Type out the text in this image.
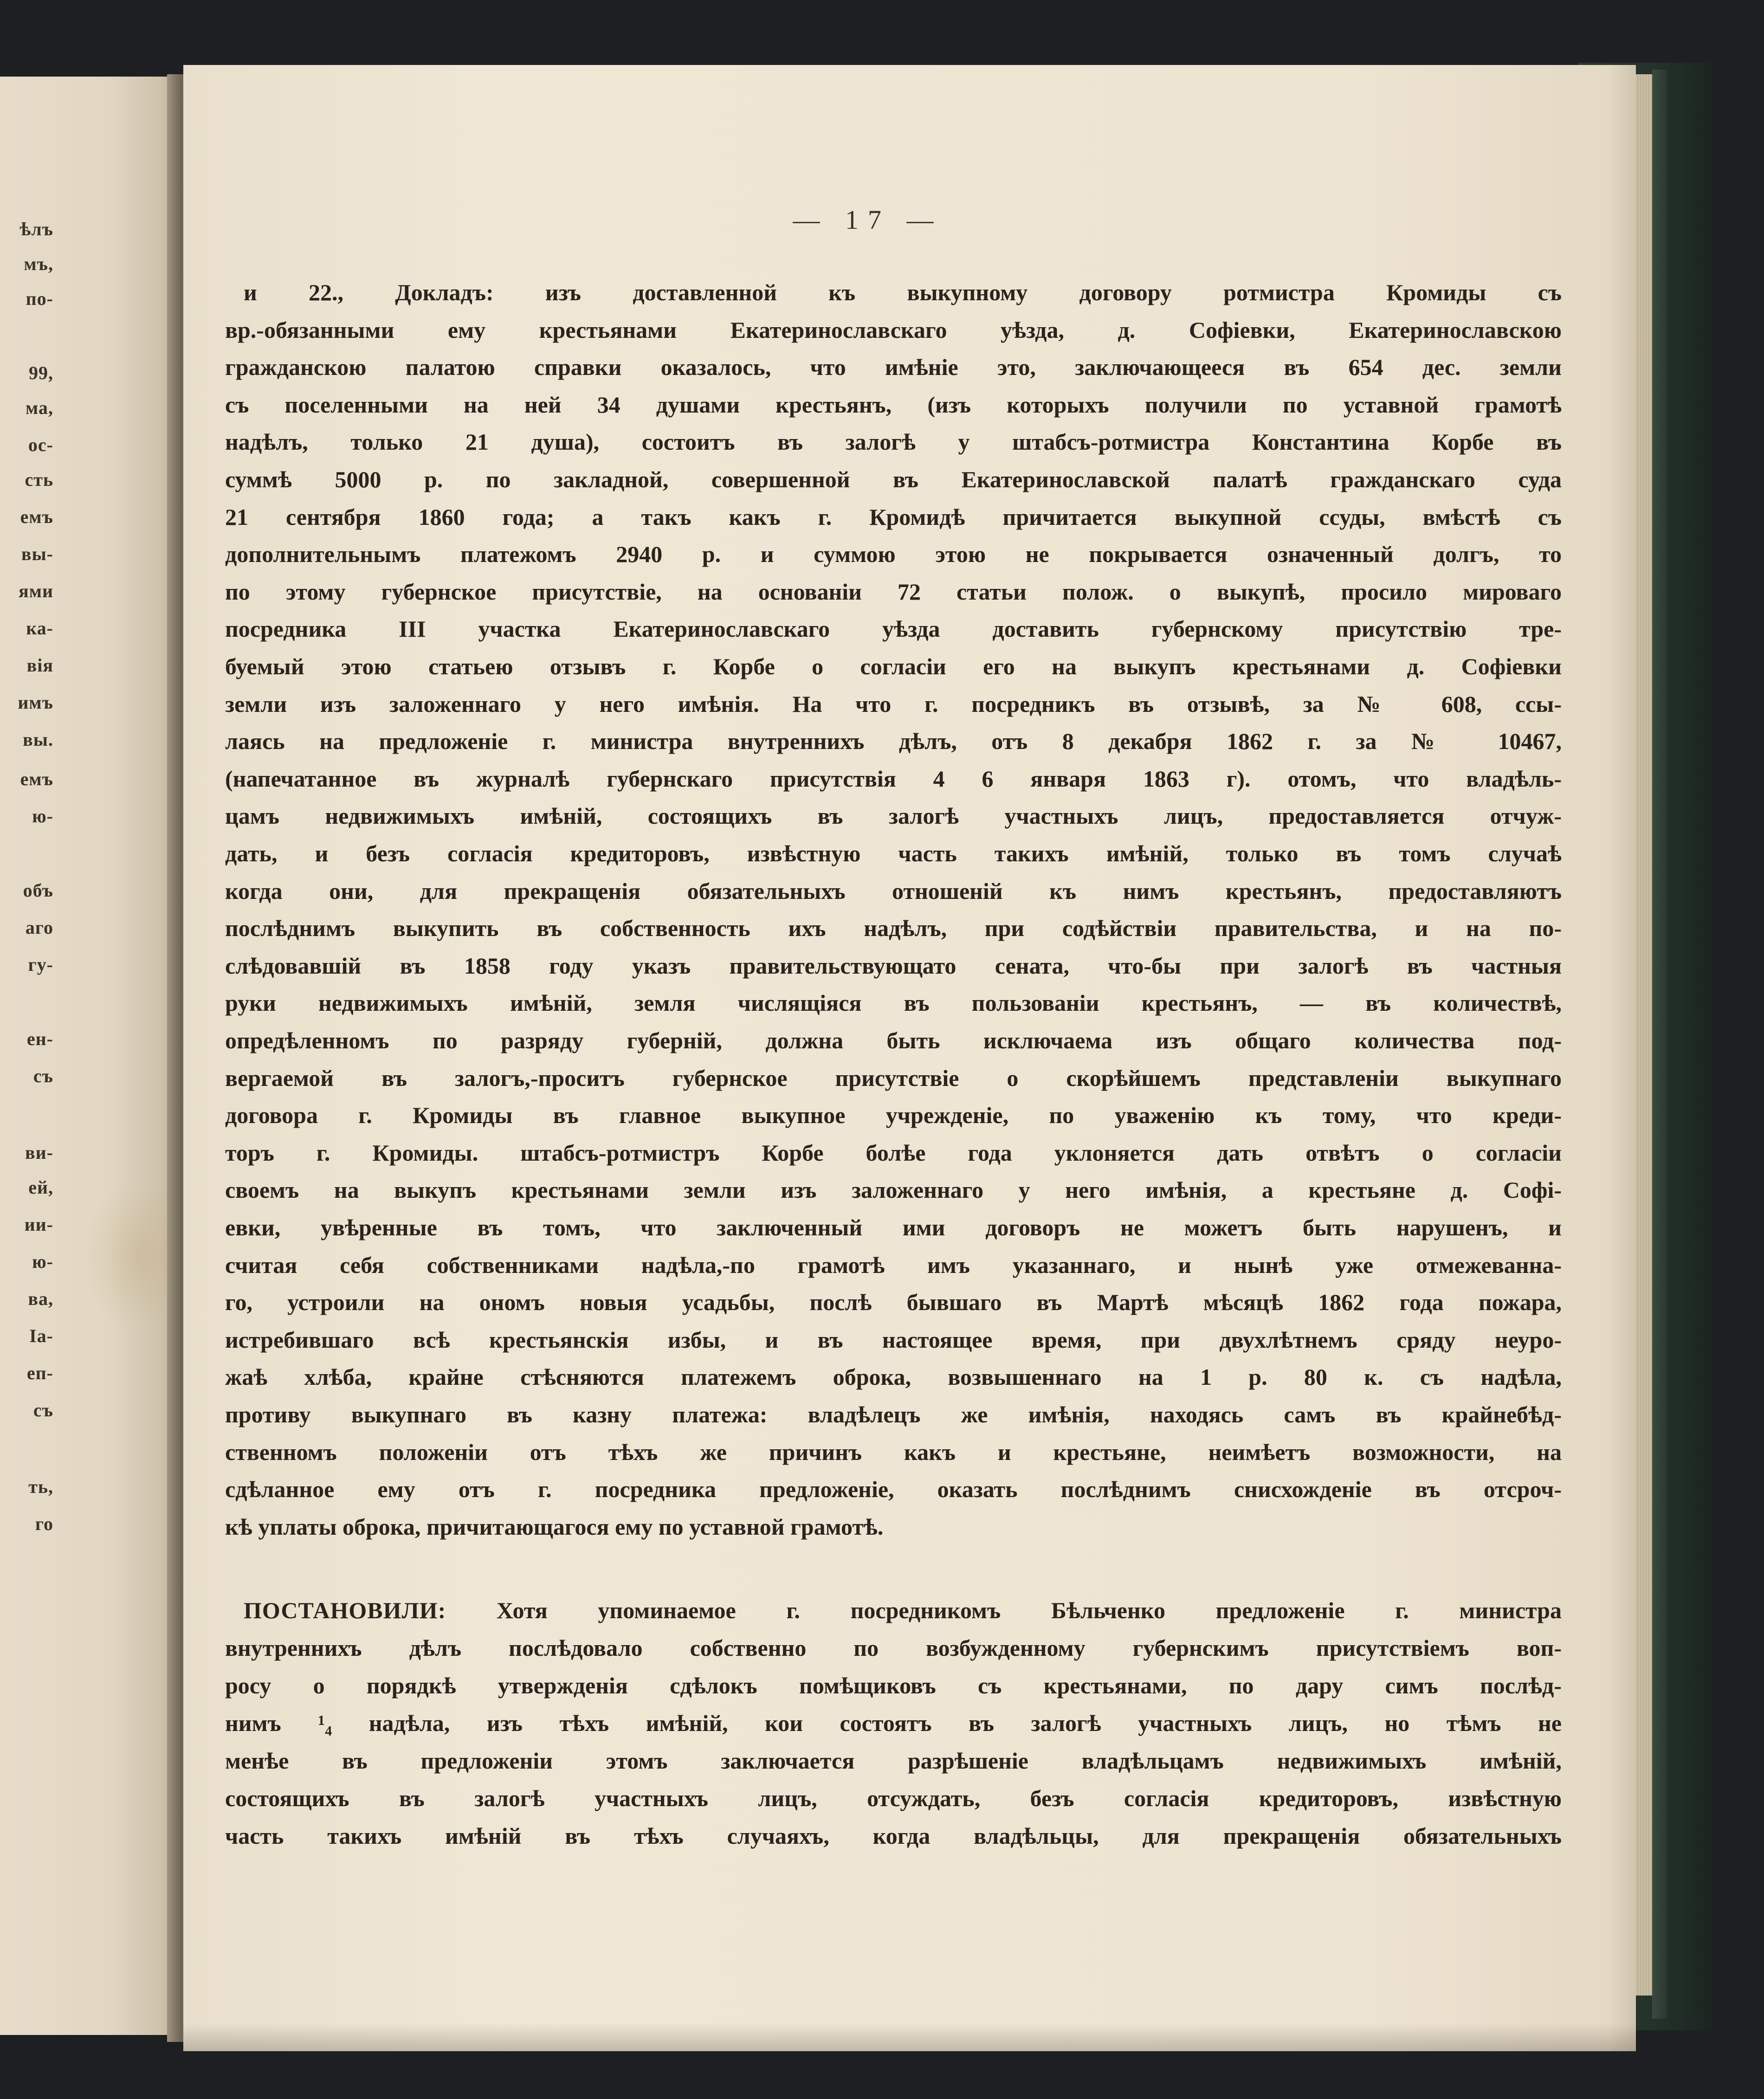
ѣлъ
мъ,
по-
99,
ма,
ос-
сть
емъ
вы-
ями
ка-
вія
имъ
вы.
емъ
ю-
объ
аго
гу-
ен-
съ
ви-
ей,
ии-
ю-
ва,
Іа-
еп-
съ
ть,
го
— 17 —
и 22., Докладъ: изъ доставленной къ выкупному договору ротмистра Кромиды съ
вр.-обязанными ему крестьянами Екатеринославскаго уѣзда, д. Софіевки, Екатеринославскою
гражданскою палатою справки оказалось, что имѣніе это, заключающееся въ 654 дес. земли
съ поселенными на ней 34 душами крестьянъ, (изъ которыхъ получили по уставной грамотѣ
надѣлъ, только 21 душа), состоитъ въ залогѣ у штабсъ-ротмистра Константина Корбе въ
суммѣ 5000 р. по закладной, совершенной въ Екатеринославской палатѣ гражданскаго суда
21 сентября 1860 года; а такъ какъ г. Кромидѣ причитается выкупной ссуды, вмѣстѣ съ
дополнительнымъ платежомъ 2940 р. и суммою этою не покрывается означенный долгъ, то
по этому губернское присутствіе, на основаніи 72 статьи полож. о выкупѣ, просило мироваго
посредника III участка Екатеринославскаго уѣзда доставить губернскому присутствію тре-
буемый этою статьею отзывъ г. Корбе о согласіи его на выкупъ крестьянами д. Софіевки
земли изъ заложеннаго у него имѣнія. На что г. посредникъ въ отзывѣ, за № 608, ссы-
лаясь на предложеніе г. министра внутреннихъ дѣлъ, отъ 8 декабря 1862 г. за № 10467,
(напечатанное въ журналѣ губернскаго присутствія 4 6 января 1863 г). отомъ, что владѣль-
цамъ недвижимыхъ имѣній, состоящихъ въ залогѣ участныхъ лицъ, предоставляется отчуж-
дать, и безъ согласія кредиторовъ, извѣстную часть такихъ имѣній, только въ томъ случаѣ
когда они, для прекращенія обязательныхъ отношеній къ нимъ крестьянъ, предоставляютъ
послѣднимъ выкупить въ собственность ихъ надѣлъ, при содѣйствіи правительства, и на по-
слѣдовавшій въ 1858 году указъ правительствующато сената, что-бы при залогѣ въ частныя
руки недвижимыхъ имѣній, земля числящіяся въ пользованіи крестьянъ, — въ количествѣ,
опредѣленномъ по разряду губерній, должна быть исключаема изъ общаго количества под-
вергаемой въ залогъ,-проситъ губернское присутствіе о скорѣйшемъ представленіи выкупнаго
договора г. Кромиды въ главное выкупное учрежденіе, по уваженію къ тому, что креди-
торъ г. Кромиды. штабсъ-ротмистръ Корбе болѣе года уклоняется дать отвѣтъ о согласіи
своемъ на выкупъ крестьянами земли изъ заложеннаго у него имѣнія, а крестьяне д. Софі-
евки, увѣренные въ томъ, что заключенный ими договоръ не можетъ быть нарушенъ, и
считая себя собственниками надѣла,-по грамотѣ имъ указаннаго, и нынѣ уже отмежеванна-
го, устроили на ономъ новыя усадьбы, послѣ бывшаго въ Мартѣ мѣсяцѣ 1862 года пожара,
истребившаго всѣ крестьянскія избы, и въ настоящее время, при двухлѣтнемъ сряду неуро-
жаѣ хлѣба, крайне стѣсняются платежемъ оброка, возвышеннаго на 1 р. 80 к. съ надѣла,
противу выкупнаго въ казну платежа: владѣлецъ же имѣнія, находясь самъ въ крайнебѣд-
ственномъ положеніи отъ тѣхъ же причинъ какъ и крестьяне, неимѣетъ возможности, на
сдѣланное ему отъ г. посредника предложеніе, оказать послѣднимъ снисхожденіе въ отсроч-
кѣ уплаты оброка, причитающагося ему по уставной грамотѣ.
ПОСТАНОВИЛИ: Хотя упоминаемое г. посредникомъ Бѣльченко предложеніе г. министра
внутреннихъ дѣлъ послѣдовало собственно по возбужденному губернскимъ присутствіемъ воп-
росу о порядкѣ утвержденія сдѣлокъ помѣщиковъ съ крестьянами, по дару симъ послѣд-
нимъ ¹₄ надѣла, изъ тѣхъ имѣній, кои состоятъ въ залогѣ участныхъ лицъ, но тѣмъ не
менѣе въ предложеніи этомъ заключается разрѣшеніе владѣльцамъ недвижимыхъ имѣній,
состоящихъ въ залогѣ участныхъ лицъ, отсуждать, безъ согласія кредиторовъ, извѣстную
часть такихъ имѣній въ тѣхъ случаяхъ, когда владѣльцы, для прекращенія обязательныхъ
